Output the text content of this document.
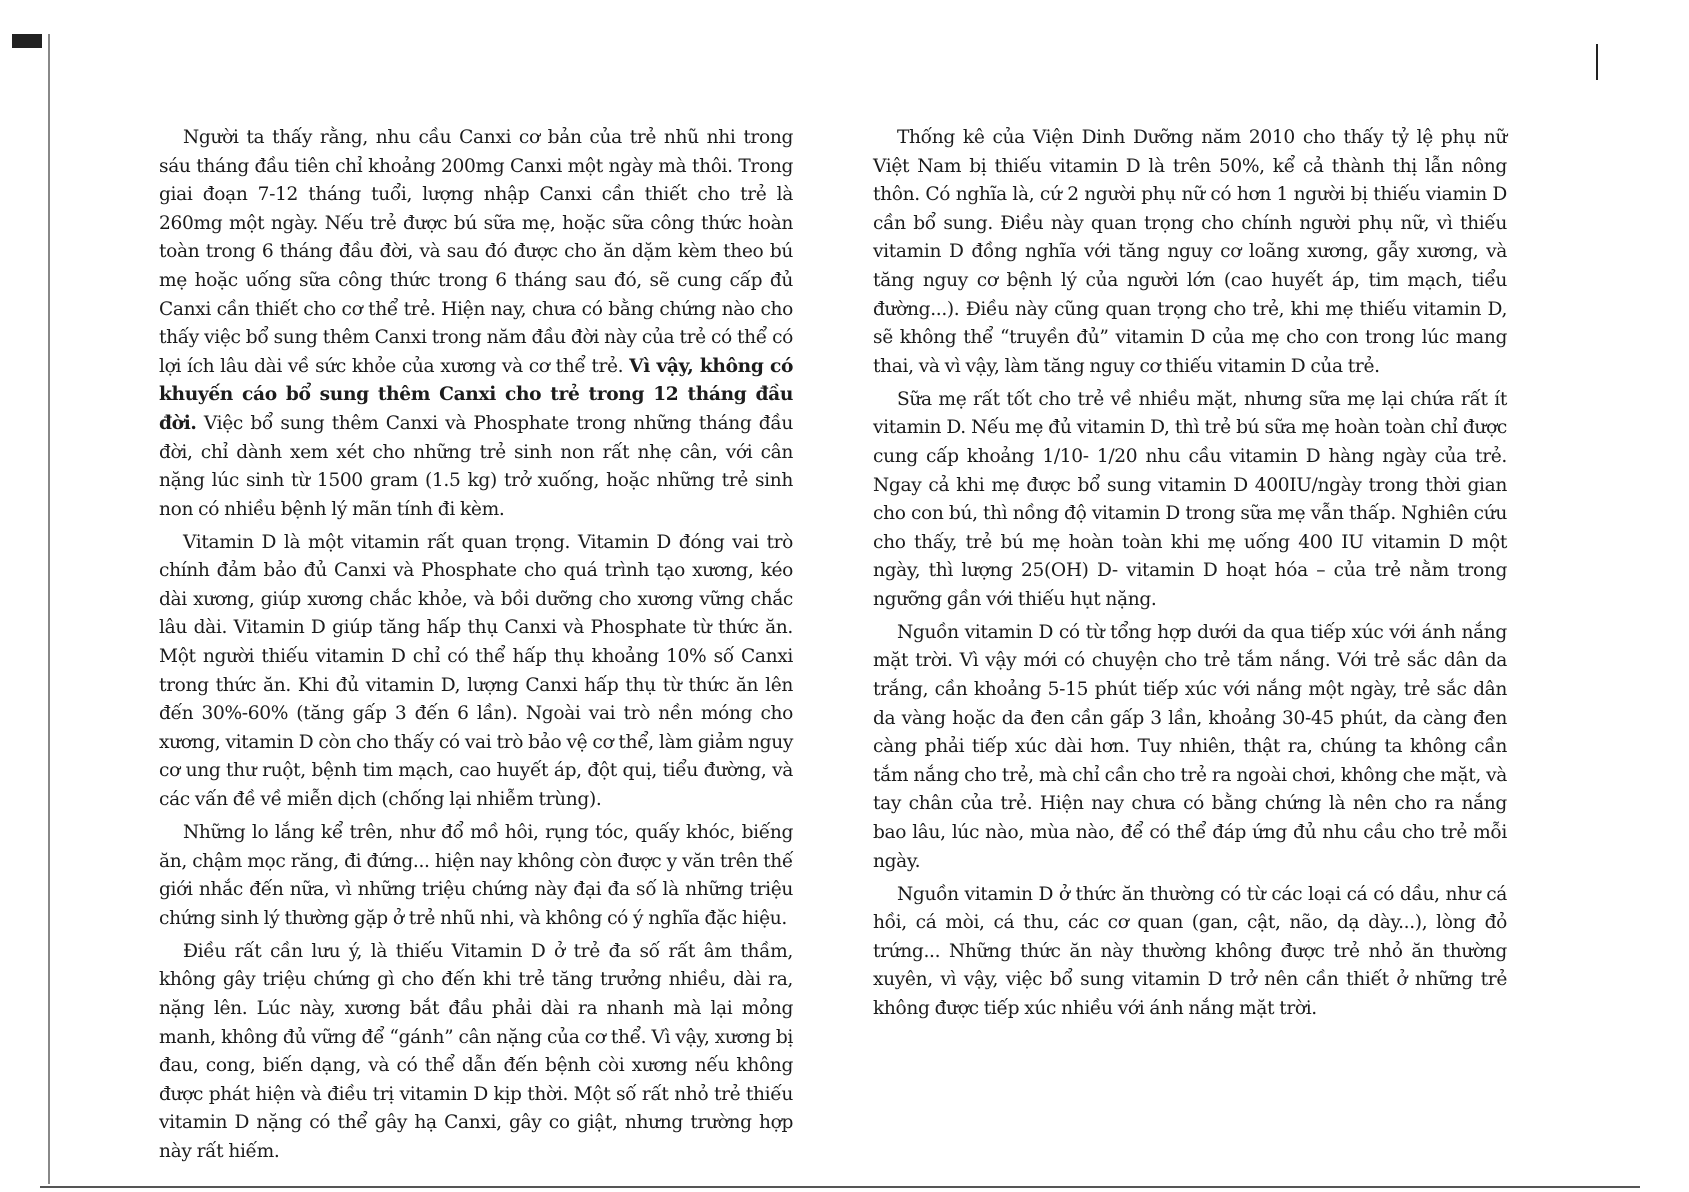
Người ta thấy rằng, nhu cầu Canxi cơ bản của trẻ nhũ nhi trong sáu tháng đầu tiên chỉ khoảng 200mg Canxi một ngày mà thôi. Trong giai đoạn 7-12 tháng tuổi, lượng nhập Canxi cần thiết cho trẻ là 260mg một ngày. Nếu trẻ được bú sữa mẹ, hoặc sữa công thức hoàn toàn trong 6 tháng đầu đời, và sau đó được cho ăn dặm kèm theo bú mẹ hoặc uống sữa công thức trong 6 tháng sau đó, sẽ cung cấp đủ Canxi cần thiết cho cơ thể trẻ. Hiện nay, chưa có bằng chứng nào cho thấy việc bổ sung thêm Canxi trong năm đầu đời này của trẻ có thể có lợi ích lâu dài về sức khỏe của xương và cơ thể trẻ. Vì vậy, không có khuyến cáo bổ sung thêm Canxi cho trẻ trong 12 tháng đầu đời. Việc bổ sung thêm Canxi và Phosphate trong những tháng đầu đời, chỉ dành xem xét cho những trẻ sinh non rất nhẹ cân, với cân nặng lúc sinh từ 1500 gram (1.5 kg) trở xuống, hoặc những trẻ sinh non có nhiều bệnh lý mãn tính đi kèm.

Vitamin D là một vitamin rất quan trọng. Vitamin D đóng vai trò chính đảm bảo đủ Canxi và Phosphate cho quá trình tạo xương, kéo dài xương, giúp xương chắc khỏe, và bồi dưỡng cho xương vững chắc lâu dài. Vitamin D giúp tăng hấp thụ Canxi và Phosphate từ thức ăn. Một người thiếu vitamin D chỉ có thể hấp thụ khoảng 10% số Canxi trong thức ăn. Khi đủ vitamin D, lượng Canxi hấp thụ từ thức ăn lên đến 30%-60% (tăng gấp 3 đến 6 lần). Ngoài vai trò nền móng cho xương, vitamin D còn cho thấy có vai trò bảo vệ cơ thể, làm giảm nguy cơ ung thư ruột, bệnh tim mạch, cao huyết áp, đột quị, tiểu đường, và các vấn đề về miễn dịch (chống lại nhiễm trùng).

Những lo lắng kể trên, như đổ mồ hôi, rụng tóc, quấy khóc, biếng ăn, chậm mọc răng, đi đứng... hiện nay không còn được y văn trên thế giới nhắc đến nữa, vì những triệu chứng này đại đa số là những triệu chứng sinh lý thường gặp ở trẻ nhũ nhi, và không có ý nghĩa đặc hiệu.

Điều rất cần lưu ý, là thiếu Vitamin D ở trẻ đa số rất âm thầm, không gây triệu chứng gì cho đến khi trẻ tăng trưởng nhiều, dài ra, nặng lên. Lúc này, xương bắt đầu phải dài ra nhanh mà lại mỏng manh, không đủ vững để “gánh” cân nặng của cơ thể. Vì vậy, xương bị đau, cong, biến dạng, và có thể dẫn đến bệnh còi xương nếu không được phát hiện và điều trị vitamin D kịp thời. Một số rất nhỏ trẻ thiếu vitamin D nặng có thể gây hạ Canxi, gây co giật, nhưng trường hợp này rất hiếm.

Thống kê của Viện Dinh Dưỡng năm 2010 cho thấy tỷ lệ phụ nữ Việt Nam bị thiếu vitamin D là trên 50%, kể cả thành thị lẫn nông thôn. Có nghĩa là, cứ 2 người phụ nữ có hơn 1 người bị thiếu viamin D cần bổ sung. Điều này quan trọng cho chính người phụ nữ, vì thiếu vitamin D đồng nghĩa với tăng nguy cơ loãng xương, gẫy xương, và tăng nguy cơ bệnh lý của người lớn (cao huyết áp, tim mạch, tiểu đường...). Điều này cũng quan trọng cho trẻ, khi mẹ thiếu vitamin D, sẽ không thể “truyền đủ” vitamin D của mẹ cho con trong lúc mang thai, và vì vậy, làm tăng nguy cơ thiếu vitamin D của trẻ.

Sữa mẹ rất tốt cho trẻ về nhiều mặt, nhưng sữa mẹ lại chứa rất ít vitamin D. Nếu mẹ đủ vitamin D, thì trẻ bú sữa mẹ hoàn toàn chỉ được cung cấp khoảng 1/10- 1/20 nhu cầu vitamin D hàng ngày của trẻ. Ngay cả khi mẹ được bổ sung vitamin D 400IU/ngày trong thời gian cho con bú, thì nồng độ vitamin D trong sữa mẹ vẫn thấp. Nghiên cứu cho thấy, trẻ bú mẹ hoàn toàn khi mẹ uống 400 IU vitamin D một ngày, thì lượng 25(OH) D- vitamin D hoạt hóa – của trẻ nằm trong ngưỡng gần với thiếu hụt nặng.

Nguồn vitamin D có từ tổng hợp dưới da qua tiếp xúc với ánh nắng mặt trời. Vì vậy mới có chuyện cho trẻ tắm nắng. Với trẻ sắc dân da trắng, cần khoảng 5-15 phút tiếp xúc với nắng một ngày, trẻ sắc dân da vàng hoặc da đen cần gấp 3 lần, khoảng 30-45 phút, da càng đen càng phải tiếp xúc dài hơn. Tuy nhiên, thật ra, chúng ta không cần tắm nắng cho trẻ, mà chỉ cần cho trẻ ra ngoài chơi, không che mặt, và tay chân của trẻ. Hiện nay chưa có bằng chứng là nên cho ra nắng bao lâu, lúc nào, mùa nào, để có thể đáp ứng đủ nhu cầu cho trẻ mỗi ngày.

Nguồn vitamin D ở thức ăn thường có từ các loại cá có dầu, như cá hồi, cá mòi, cá thu, các cơ quan (gan, cật, não, dạ dày...), lòng đỏ trứng... Những thức ăn này thường không được trẻ nhỏ ăn thường xuyên, vì vậy, việc bổ sung vitamin D trở nên cần thiết ở những trẻ không được tiếp xúc nhiều với ánh nắng mặt trời.
